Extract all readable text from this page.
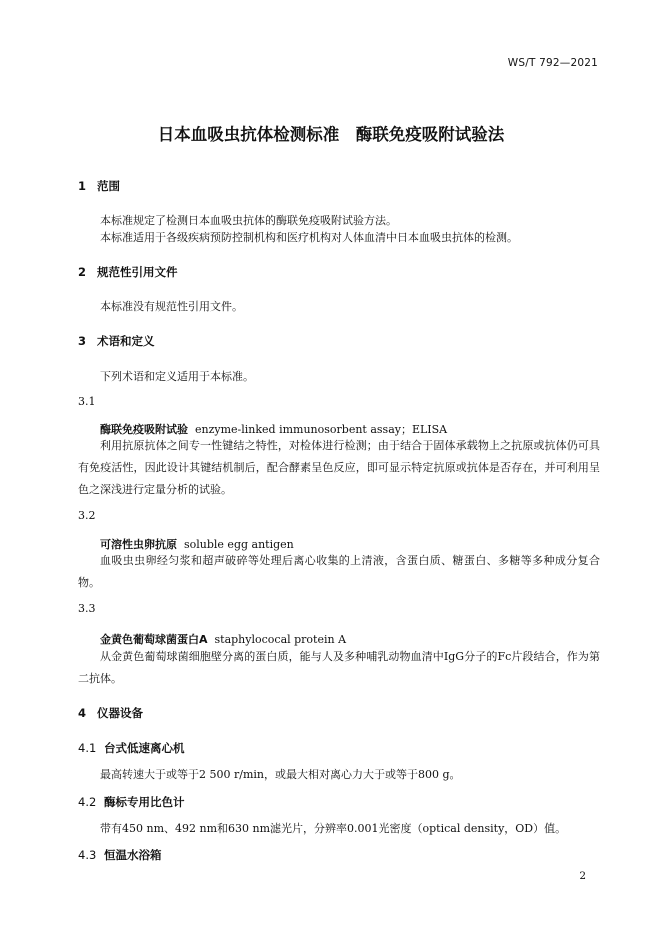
WS/T 792—2021
日本血吸虫抗体检测标准　酶联免疫吸附试验法
1 范围
本标准规定了检测日本血吸虫抗体的酶联免疫吸附试验方法。
本标准适用于各级疾病预防控制机构和医疗机构对人体血清中日本血吸虫抗体的检测。
2 规范性引用文件
本标准没有规范性引用文件。
3 术语和定义
下列术语和定义适用于本标准。
3.1
酶联免疫吸附试验 enzyme-linked immunosorbent assay；ELISA
利用抗原抗体之间专一性键结之特性，对检体进行检测；由于结合于固体承载物上之抗原或抗体仍可具有免疫活性，因此设计其键结机制后，配合酵素呈色反应，即可显示特定抗原或抗体是否存在，并可利用呈色之深浅进行定量分析的试验。
3.2
可溶性虫卵抗原 soluble egg antigen
血吸虫虫卵经匀浆和超声破碎等处理后离心收集的上清液，含蛋白质、糖蛋白、多糖等多种成分复合物。
3.3
金黄色葡萄球菌蛋白A staphylococal protein A
从金黄色葡萄球菌细胞壁分离的蛋白质，能与人及多种哺乳动物血清中IgG分子的Fc片段结合，作为第二抗体。
4 仪器设备
4.1 台式低速离心机
最高转速大于或等于2 500 r/min，或最大相对离心力大于或等于800 g。
4.2 酶标专用比色计
带有450 nm、492 nm和630 nm滤光片，分辨率0.001光密度（optical density，OD）值。
4.3 恒温水浴箱
2
